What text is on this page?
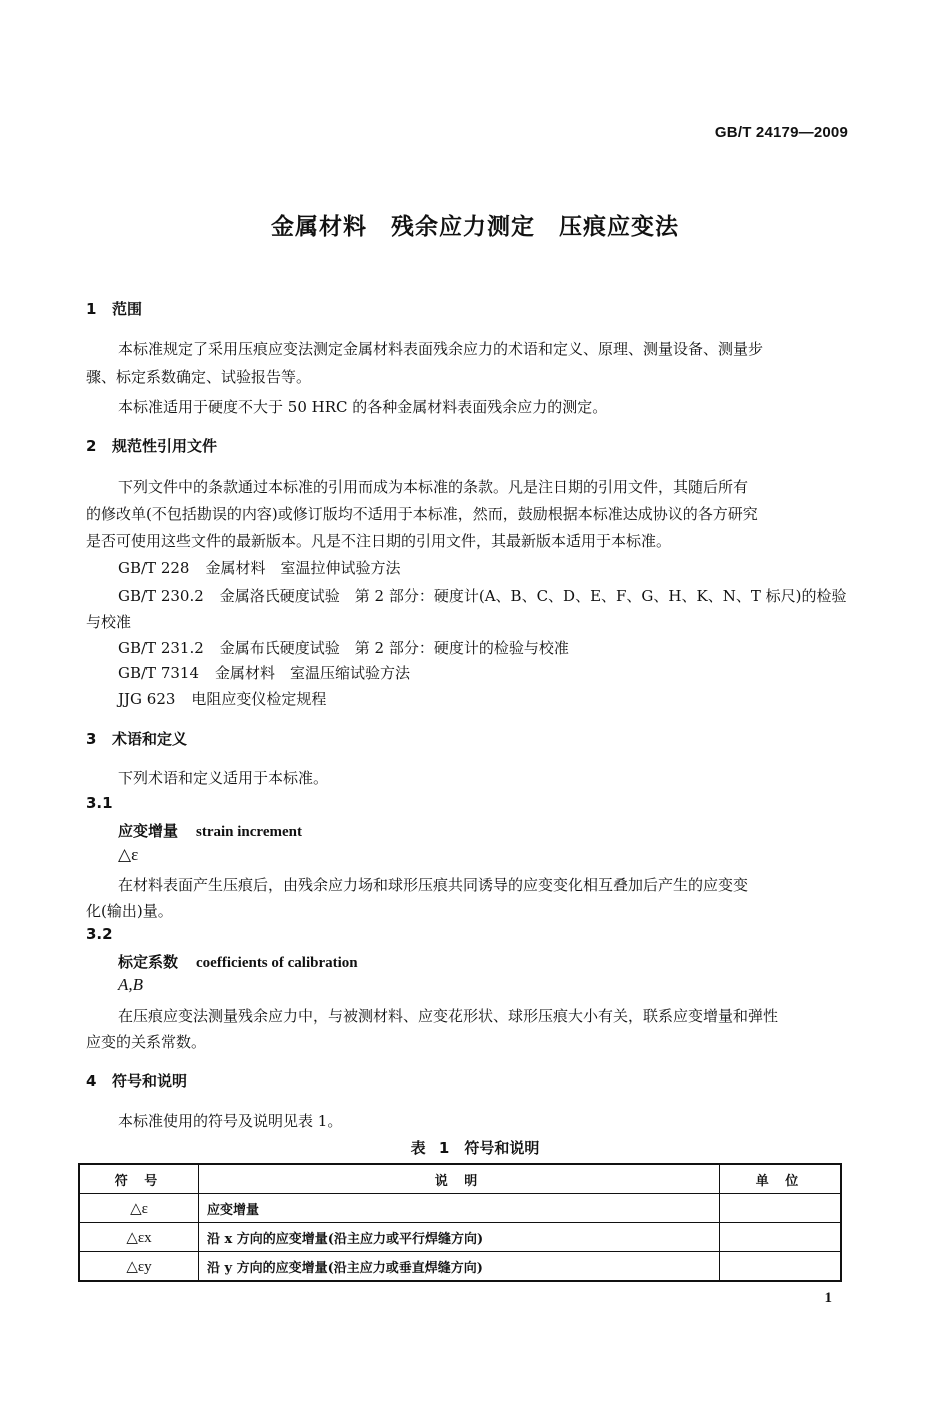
GB/T 24179—2009
金属材料　残余应力测定　压痕应变法
1 范围
本标准规定了采用压痕应变法测定金属材料表面残余应力的术语和定义、原理、测量设备、测量步
骤、标定系数确定、试验报告等。
本标准适用于硬度不大于 50 HRC 的各种金属材料表面残余应力的测定。
2 规范性引用文件
下列文件中的条款通过本标准的引用而成为本标准的条款。凡是注日期的引用文件，其随后所有
的修改单(不包括勘误的内容)或修订版均不适用于本标准，然而，鼓励根据本标准达成协议的各方研究
是否可使用这些文件的最新版本。凡是不注日期的引用文件，其最新版本适用于本标准。
GB/T 228 金属材料　室温拉伸试验方法
GB/T 230.2 金属洛氏硬度试验　第 2 部分：硬度计(A、B、C、D、E、F、G、H、K、N、T 标尺)的检验
与校准
GB/T 231.2 金属布氏硬度试验　第 2 部分：硬度计的检验与校准
GB/T 7314 金属材料　室温压缩试验方法
JJG 623 电阻应变仪检定规程
3 术语和定义
下列术语和定义适用于本标准。
3.1
应变增量 strain increment
△ε
在材料表面产生压痕后，由残余应力场和球形压痕共同诱导的应变变化相互叠加后产生的应变变
化(输出)量。
3.2
标定系数 coefficients of calibration
A,B
在压痕应变法测量残余应力中，与被测材料、应变花形状、球形压痕大小有关，联系应变增量和弹性
应变的关系常数。
4 符号和说明
本标准使用的符号及说明见表 1。
表 1　符号和说明
符 号	说 明	单 位
△ε	应变增量	
△εx	沿 x 方向的应变增量(沿主应力或平行焊缝方向)	
△εy	沿 y 方向的应变增量(沿主应力或垂直焊缝方向)	
1
